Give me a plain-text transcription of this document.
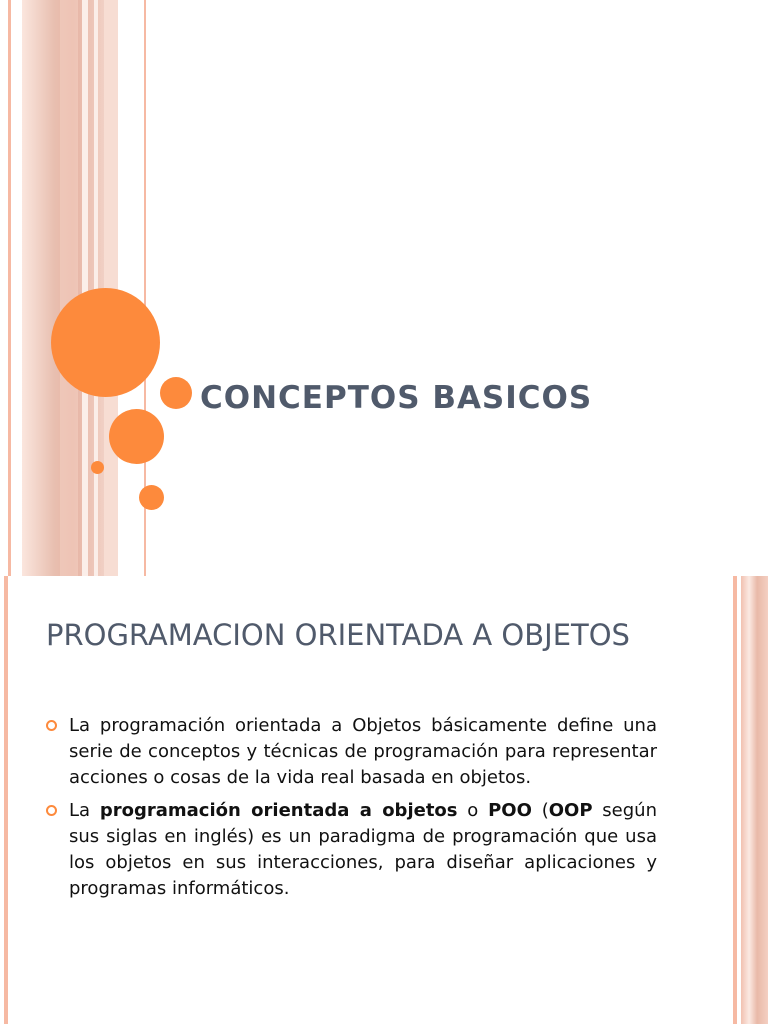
CONCEPTOS BASICOS
PROGRAMACION ORIENTADA A OBJETOS
La programación orientada a Objetos básicamente define una serie de conceptos y técnicas de programación para representar acciones o cosas de la vida real basada en objetos.
La programación orientada a objetos o POO (OOP según sus siglas en inglés) es un paradigma de programación que usa los objetos en sus interacciones, para diseñar aplicaciones y programas informáticos.
